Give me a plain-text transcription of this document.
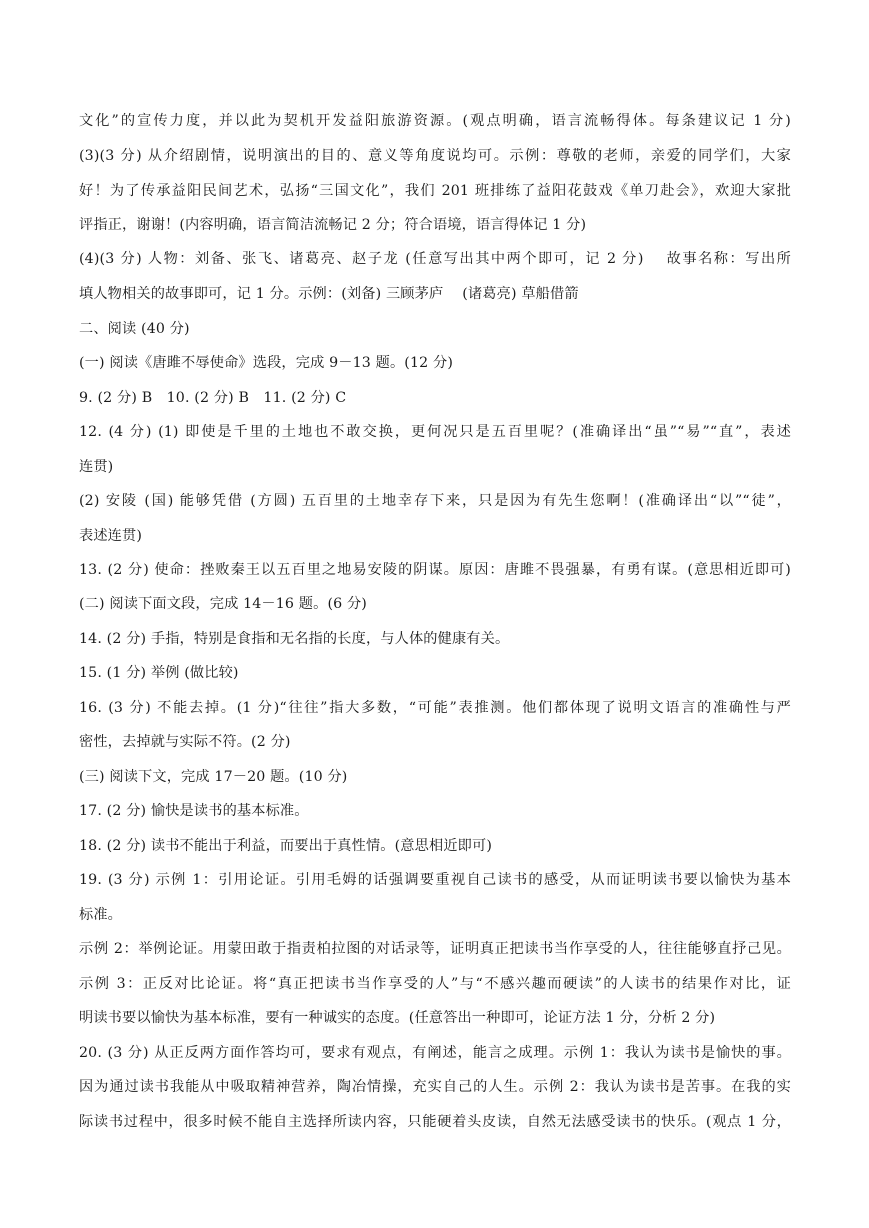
文化”的宣传力度，并以此为契机开发益阳旅游资源。(观点明确，语言流畅得体。每条建议记 1 分)
(3)(3 分) 从介绍剧情，说明演出的目的、意义等角度说均可。示例：尊敬的老师，亲爱的同学们，大家
好！为了传承益阳民间艺术，弘扬“三国文化”，我们 201 班排练了益阳花鼓戏《单刀赴会》，欢迎大家批
评指正，谢谢！(内容明确，语言简洁流畅记 2 分；符合语境，语言得体记 1 分)
(4)(3 分) 人物：刘备、张飞、诸葛亮、赵子龙 (任意写出其中两个即可，记 2 分)　 故事名称：写出所
填人物相关的故事即可，记 1 分。示例：(刘备) 三顾茅庐　 (诸葛亮) 草船借箭
二、阅读 (40 分)
(一) 阅读《唐雎不辱使命》选段，完成 9－13 题。(12 分)
9. (2 分) B　10. (2 分) B　11. (2 分) C
12. (4 分) (1) 即使是千里的土地也不敢交换，更何况只是五百里呢？(准确译出“虽”“易”“直”，表述
连贯)
(2) 安陵 (国) 能够凭借 (方圆) 五百里的土地幸存下来，只是因为有先生您啊！(准确译出“以”“徒”，
表述连贯)
13. (2 分) 使命：挫败秦王以五百里之地易安陵的阴谋。原因：唐雎不畏强暴，有勇有谋。(意思相近即可)
(二) 阅读下面文段，完成 14－16 题。(6 分)
14. (2 分) 手指，特别是食指和无名指的长度，与人体的健康有关。
15. (1 分) 举例 (做比较)
16. (3 分) 不能去掉。(1 分)“往往”指大多数，“可能”表推测。他们都体现了说明文语言的准确性与严
密性，去掉就与实际不符。(2 分)
(三) 阅读下文，完成 17－20 题。(10 分)
17. (2 分) 愉快是读书的基本标准。
18. (2 分) 读书不能出于利益，而要出于真性情。(意思相近即可)
19. (3 分) 示例 1：引用论证。引用毛姆的话强调要重视自己读书的感受，从而证明读书要以愉快为基本
标准。
示例 2：举例论证。用蒙田敢于指责柏拉图的对话录等，证明真正把读书当作享受的人，往往能够直抒己见。
示例 3：正反对比论证。将“真正把读书当作享受的人”与“不感兴趣而硬读”的人读书的结果作对比，证
明读书要以愉快为基本标准，要有一种诚实的态度。(任意答出一种即可，论证方法 1 分，分析 2 分)
20. (3 分) 从正反两方面作答均可，要求有观点，有阐述，能言之成理。示例 1：我认为读书是愉快的事。
因为通过读书我能从中吸取精神营养，陶冶情操，充实自己的人生。示例 2：我认为读书是苦事。在我的实
际读书过程中，很多时候不能自主选择所读内容，只能硬着头皮读，自然无法感受读书的快乐。(观点 1 分，
